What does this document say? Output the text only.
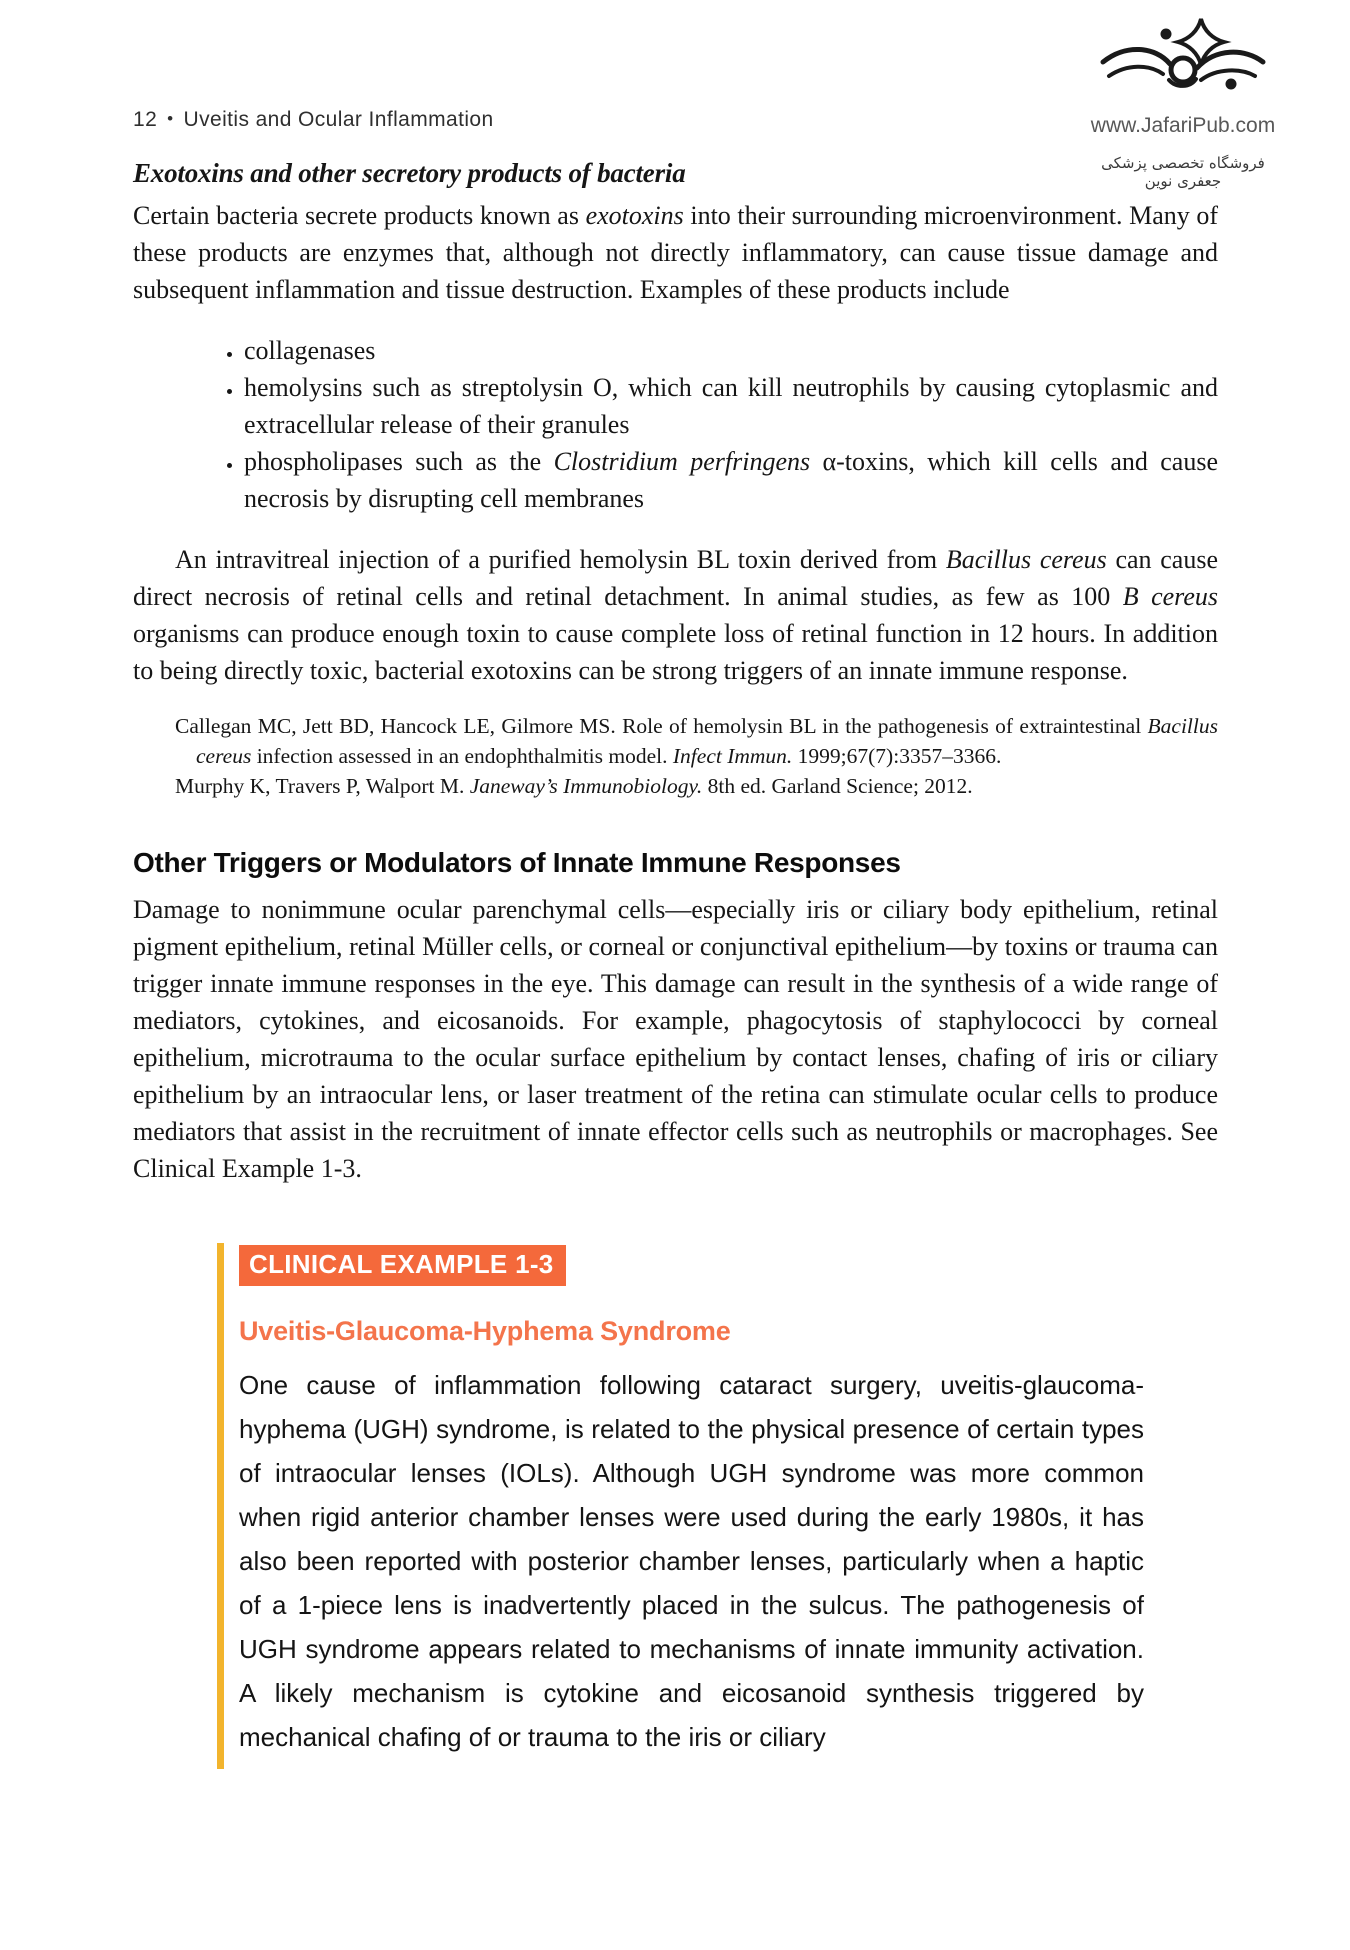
12 • Uveitis and Ocular Inflammation	www.JafariPub.com
فروشگاه تخصصی پزشکی جعفری نوین
Exotoxins and other secretory products of bacteria

Certain bacteria secrete products known as exotoxins into their surrounding microenvironment. Many of these products are enzymes that, although not directly inflammatory, can cause tissue damage and subsequent inflammation and tissue destruction. Examples of these products include

• collagenases
• hemolysins such as streptolysin O, which can kill neutrophils by causing cytoplasmic and extracellular release of their granules
• phospholipases such as the Clostridium perfringens α-toxins, which kill cells and cause necrosis by disrupting cell membranes

An intravitreal injection of a purified hemolysin BL toxin derived from Bacillus cereus can cause direct necrosis of retinal cells and retinal detachment. In animal studies, as few as 100 B cereus organisms can produce enough toxin to cause complete loss of retinal function in 12 hours. In addition to being directly toxic, bacterial exotoxins can be strong triggers of an innate immune response.

Callegan MC, Jett BD, Hancock LE, Gilmore MS. Role of hemolysin BL in the pathogenesis of extraintestinal Bacillus cereus infection assessed in an endophthalmitis model. Infect Immun. 1999;67(7):3357–3366.
Murphy K, Travers P, Walport M. Janeway’s Immunobiology. 8th ed. Garland Science; 2012.
Other Triggers or Modulators of Innate Immune Responses

Damage to nonimmune ocular parenchymal cells—especially iris or ciliary body epithelium, retinal pigment epithelium, retinal Müller cells, or corneal or conjunctival epithelium—by toxins or trauma can trigger innate immune responses in the eye. This damage can result in the synthesis of a wide range of mediators, cytokines, and eicosanoids. For example, phagocytosis of staphylococci by corneal epithelium, microtrauma to the ocular surface epithelium by contact lenses, chafing of iris or ciliary epithelium by an intraocular lens, or laser treatment of the retina can stimulate ocular cells to produce mediators that assist in the recruitment of innate effector cells such as neutrophils or macrophages. See Clinical Example 1-3.

CLINICAL EXAMPLE 1-3
Uveitis-Glaucoma-Hyphema Syndrome
One cause of inflammation following cataract surgery, uveitis-glaucoma-hyphema (UGH) syndrome, is related to the physical presence of certain types of intraocular lenses (IOLs). Although UGH syndrome was more common when rigid anterior chamber lenses were used during the early 1980s, it has also been reported with posterior chamber lenses, particularly when a haptic of a 1-piece lens is inadvertently placed in the sulcus. The pathogenesis of UGH syndrome appears related to mechanisms of innate immunity activation. A likely mechanism is cytokine and eicosanoid synthesis triggered by mechanical chafing of or trauma to the iris or ciliary
